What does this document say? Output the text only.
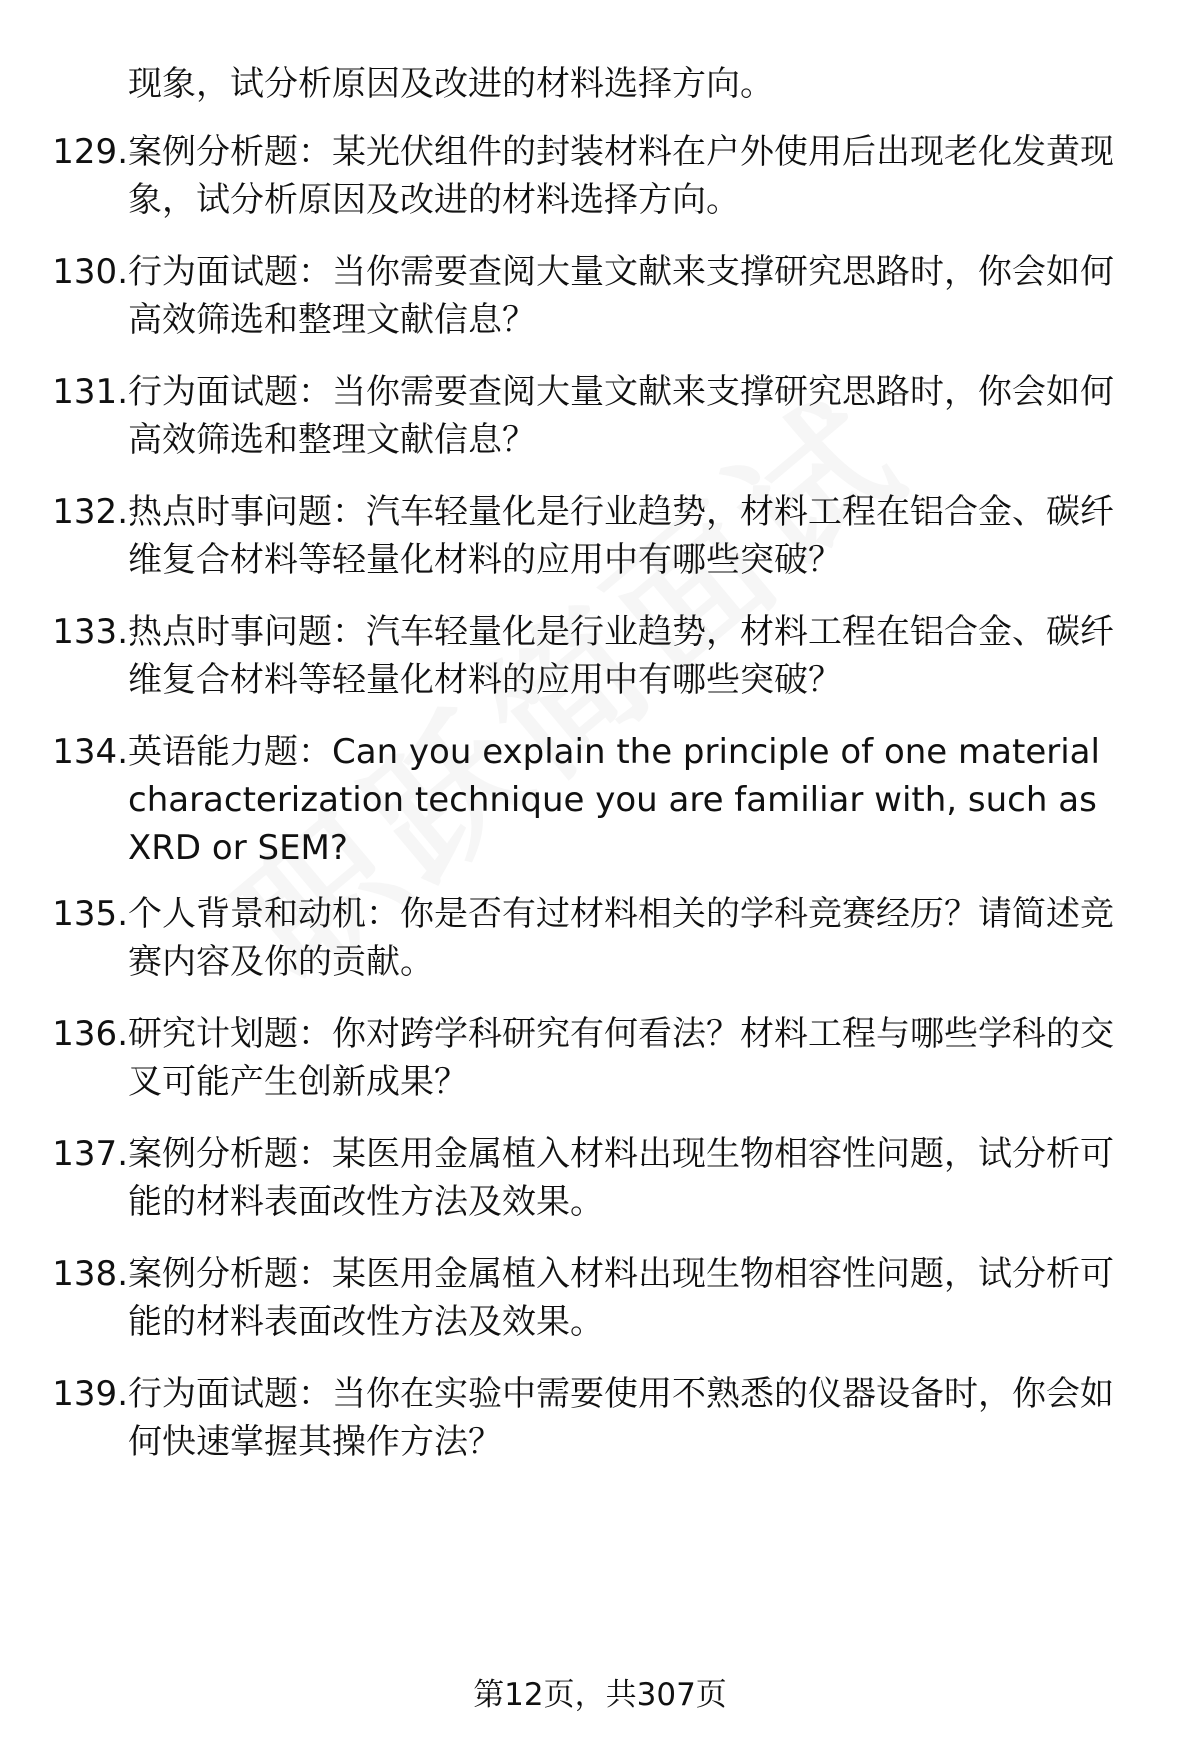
现象，试分析原因及改进的材料选择方向。
129. 案例分析题：某光伏组件的封装材料在户外使用后出现老化发黄现象，试分析原因及改进的材料选择方向。
130. 行为面试题：当你需要查阅大量文献来支撑研究思路时，你会如何高效筛选和整理文献信息？
131. 行为面试题：当你需要查阅大量文献来支撑研究思路时，你会如何高效筛选和整理文献信息？
132. 热点时事问题：汽车轻量化是行业趋势，材料工程在铝合金、碳纤维复合材料等轻量化材料的应用中有哪些突破？
133. 热点时事问题：汽车轻量化是行业趋势，材料工程在铝合金、碳纤维复合材料等轻量化材料的应用中有哪些突破？
134. 英语能力题：Can you explain the principle of one material characterization technique you are familiar with, such as XRD or SEM?
135. 个人背景和动机：你是否有过材料相关的学科竞赛经历？请简述竞赛内容及你的贡献。
136. 研究计划题：你对跨学科研究有何看法？材料工程与哪些学科的交叉可能产生创新成果？
137. 案例分析题：某医用金属植入材料出现生物相容性问题，试分析可能的材料表面改性方法及效果。
138. 案例分析题：某医用金属植入材料出现生物相容性问题，试分析可能的材料表面改性方法及效果。
139. 行为面试题：当你在实验中需要使用不熟悉的仪器设备时，你会如何快速掌握其操作方法？
第12页，共307页
